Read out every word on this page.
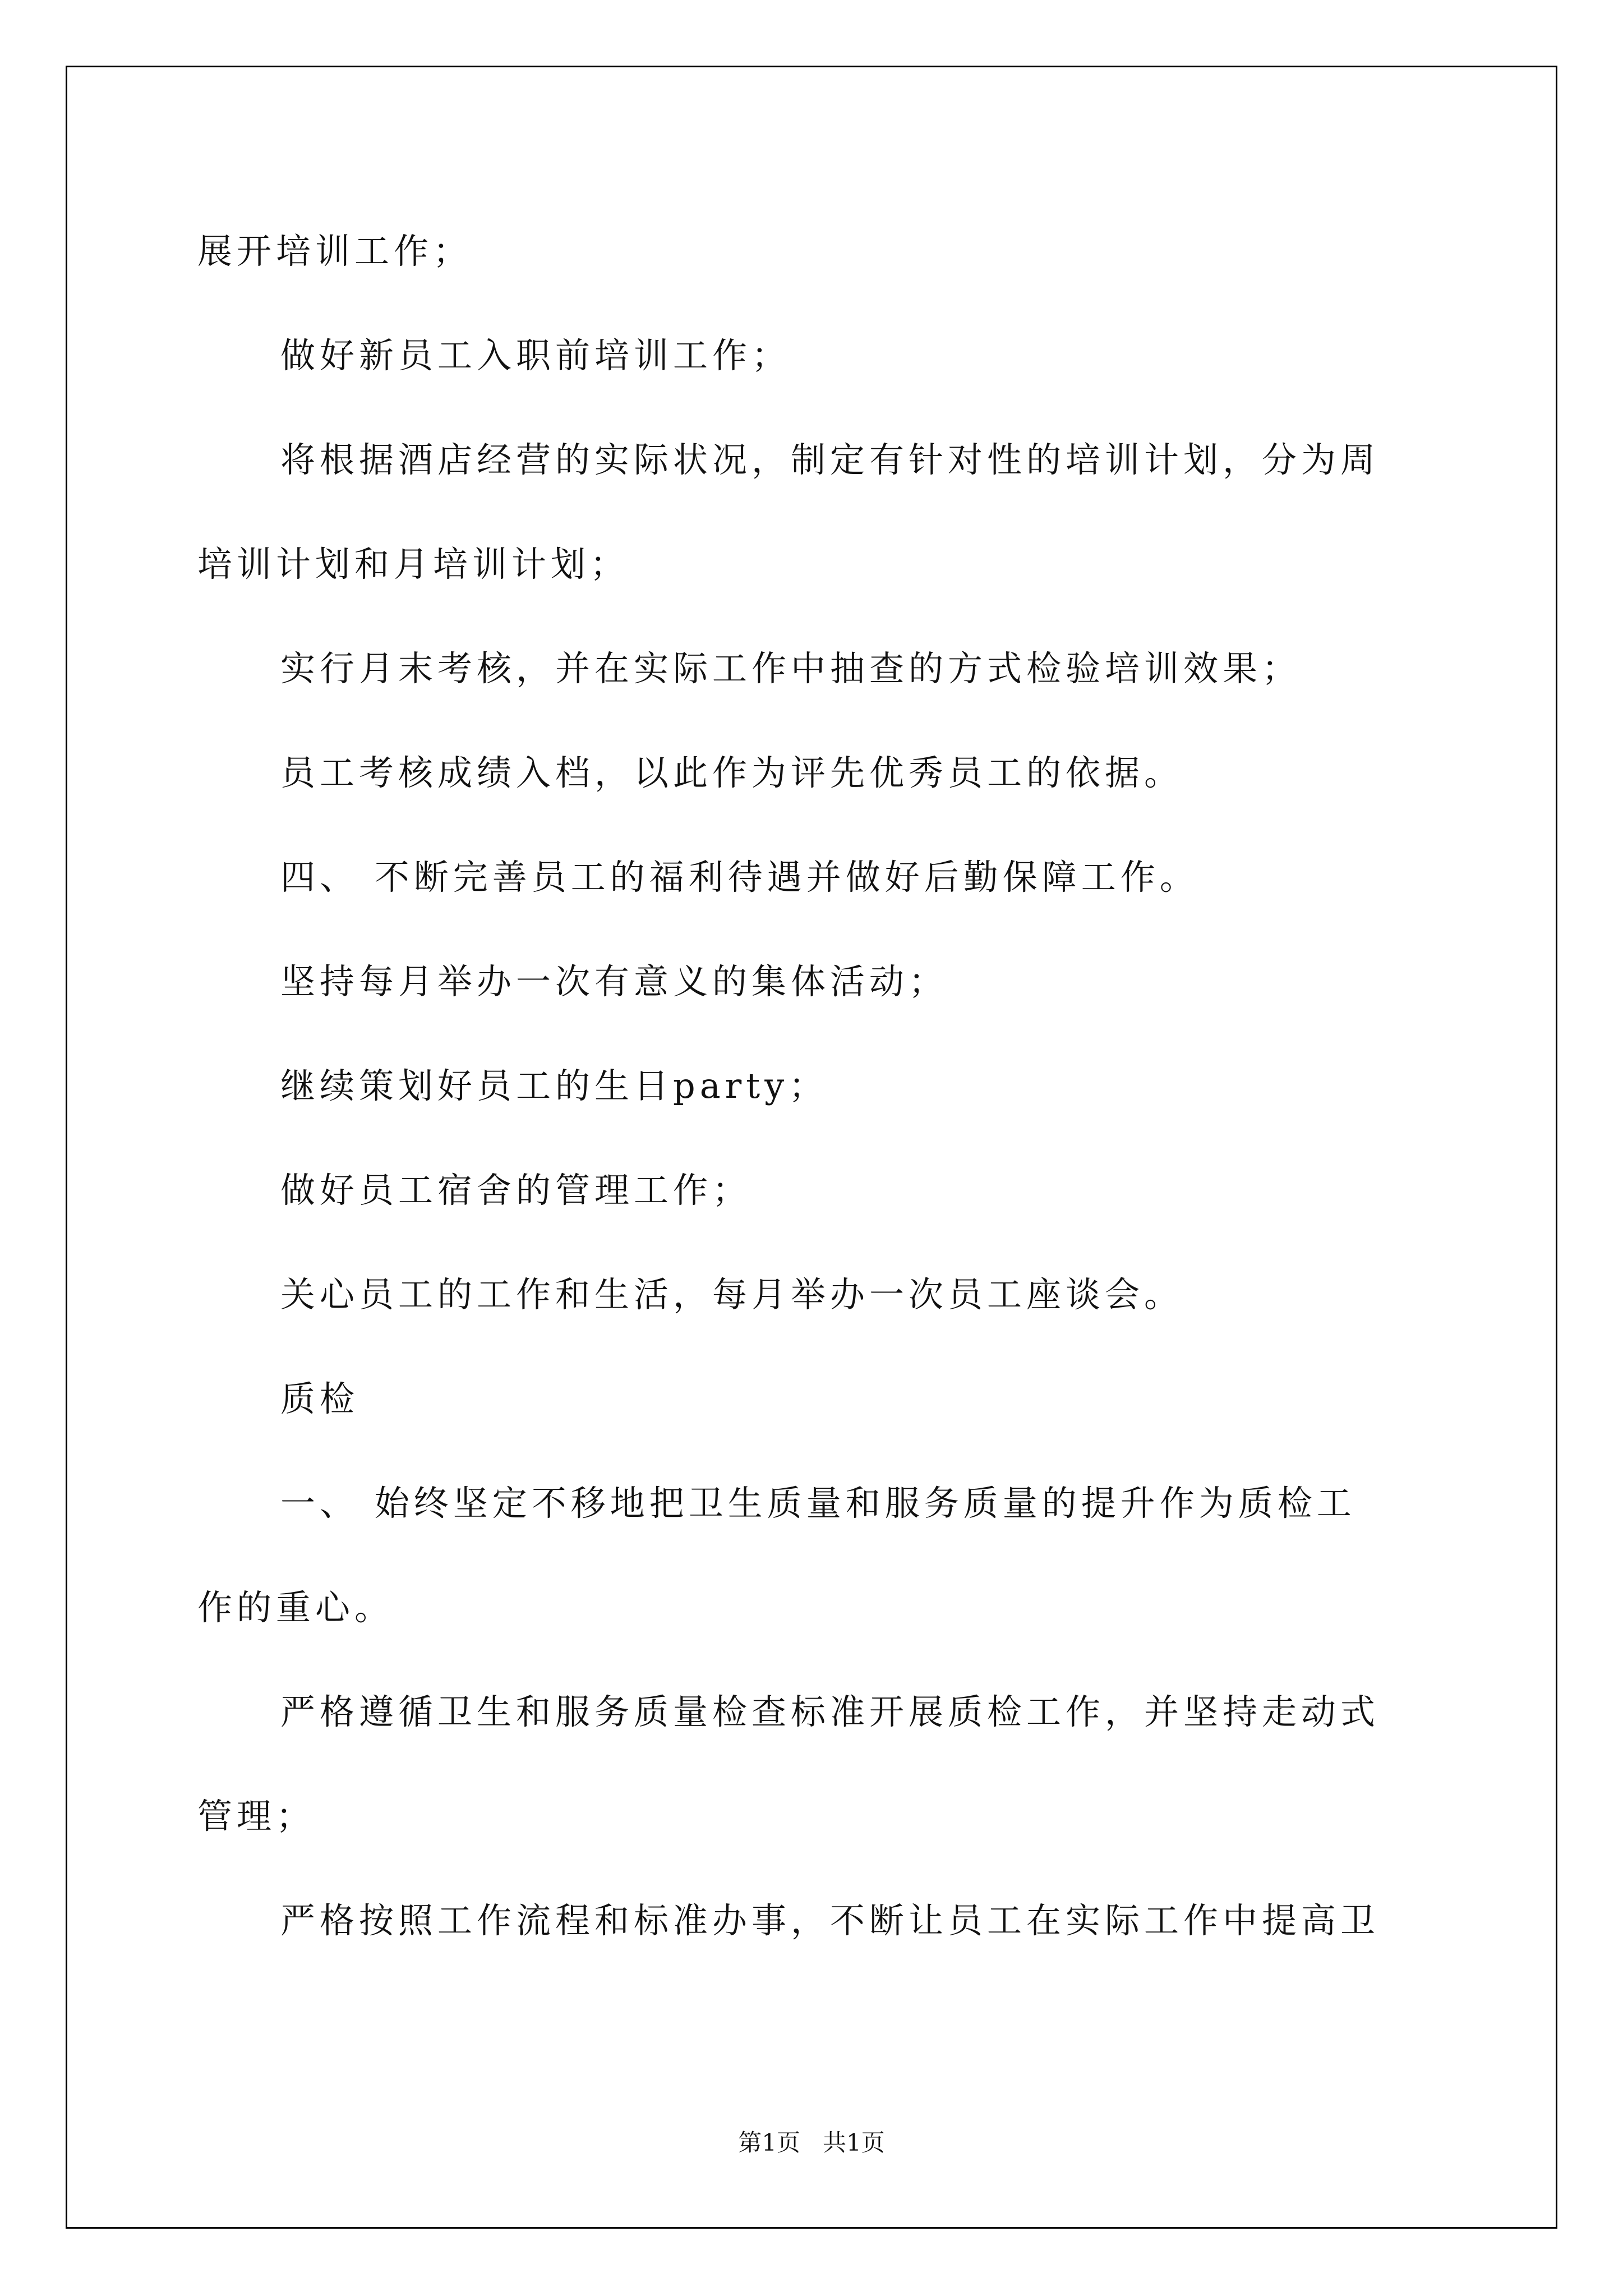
展开培训工作；

做好新员工入职前培训工作；

将根据酒店经营的实际状况，制定有针对性的培训计划，分为周

培训计划和月培训计划；

实行月末考核，并在实际工作中抽查的方式检验培训效果；

员工考核成绩入档，以此作为评先优秀员工的依据。

四、 不断完善员工的福利待遇并做好后勤保障工作。

坚持每月举办一次有意义的集体活动；

继续策划好员工的生日party；

做好员工宿舍的管理工作；

关心员工的工作和生活，每月举办一次员工座谈会。

质检

一、 始终坚定不移地把卫生质量和服务质量的提升作为质检工

作的重心。

严格遵循卫生和服务质量检查标准开展质检工作，并坚持走动式

管理；

严格按照工作流程和标准办事，不断让员工在实际工作中提高卫

第1页 共1页
